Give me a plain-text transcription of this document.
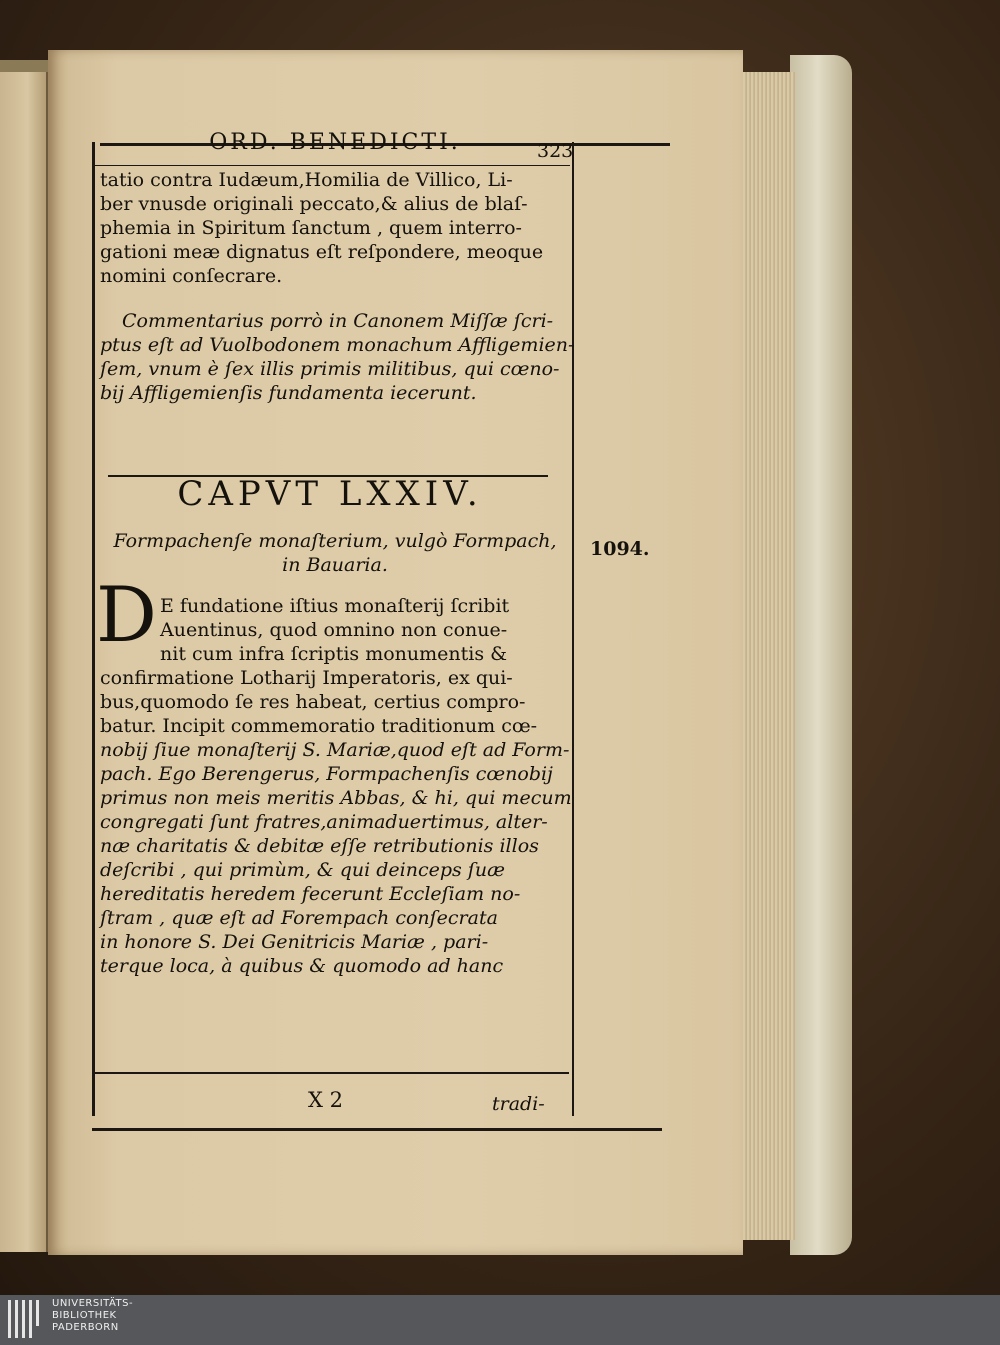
ORD. BENEDICTI.	323
tatio contra Iudæum,Homilia de Villico, Li-
ber vnusde originali peccato,& alius de blaſ-
phemia in Spiritum ſanctum , quem interro-
gationi meæ dignatus eſt reſpondere, meoque
nomini conſecrare.
Commentarius porrò in Canonem Miſſæ ſcri-
ptus eſt ad Vuolbodonem monachum Affligemien-
ſem, vnum è ſex illis primis militibus, qui cœno-
bij Affligemienſis fundamenta iecerunt.
CAPVT LXXIV.
Formpachenſe monaſterium, vulgò Formpach,
in Bauaria.
1094.
D E fundatione iſtius monaſterij ſcribit
Auentinus, quod omnino non conue-
nit cum infra ſcriptis monumentis &
confirmatione Lotharij Imperatoris, ex qui-
bus,quomodo ſe res habeat, certius compro-
batur. Incipit commemoratio traditionum cœ-
nobij ſiue monaſterij S. Mariæ,quod eſt ad Form-
pach. Ego Berengerus, Formpachenſis cœnobij
primus non meis meritis Abbas, & hi, qui mecum
congregati ſunt fratres,animaduertimus, alter-
næ charitatis & debitæ eſſe retributionis illos
deſcribi , qui primùm, & qui deinceps ſuæ
hereditatis heredem fecerunt Eccleſiam no-
ſtram , quæ eſt ad Forempach conſecrata
in honore S. Dei Genitricis Mariæ , pari-
terque loca, à quibus & quomodo ad hanc
X 2	tradi-
UNIVERSITÄTS-
BIBLIOTHEK
PADERBORN
